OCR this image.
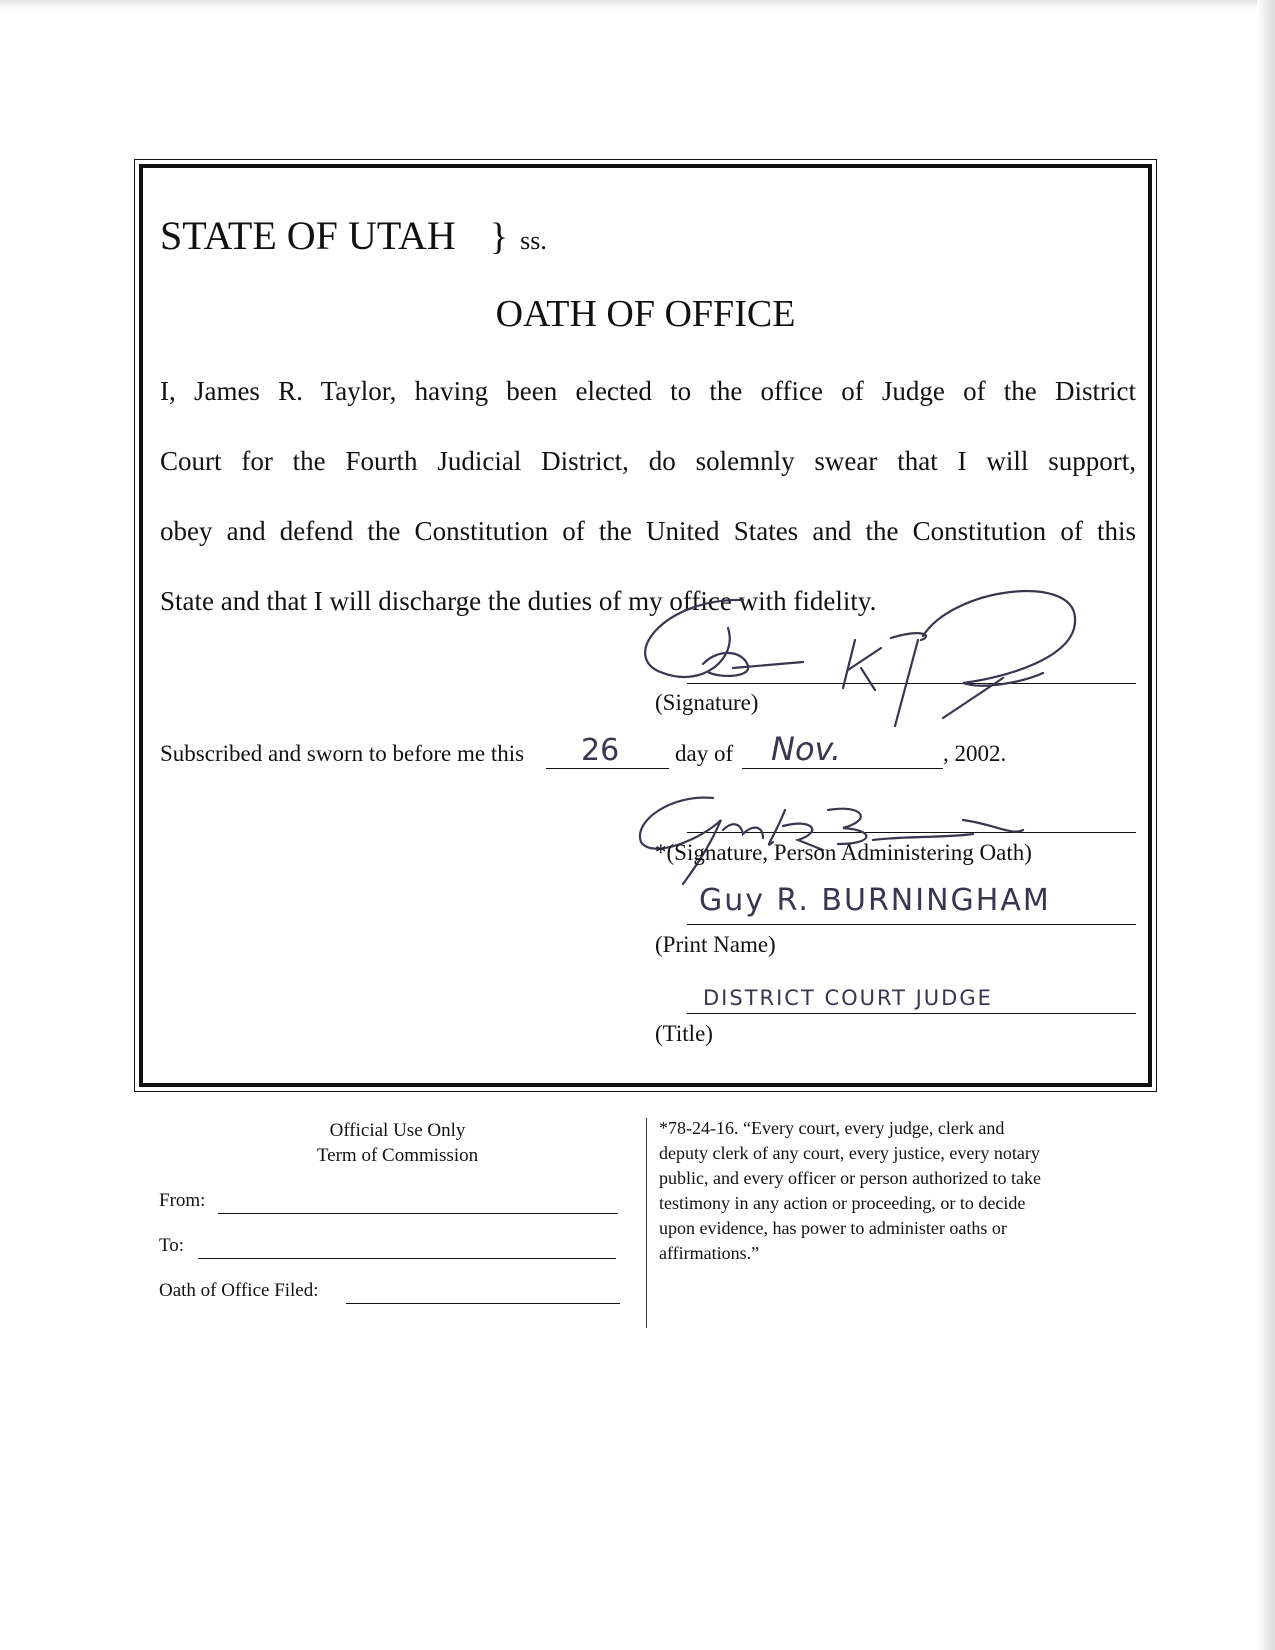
STATE OF UTAH } ss.
OATH OF OFFICE
I, James R. Taylor, having been elected to the office of Judge of the District
Court for the Fourth Judicial District, do solemnly swear that I will support,
obey and defend the Constitution of the United States and the Constitution of this
State and that I will discharge the duties of my office with fidelity.
(Signature)
Subscribed and sworn to before me this 26 day of Nov.	, 2002.
*(Signature, Person Administering Oath)
Guy R. BURNINGHAM
(Print Name)
DISTRICT COURT JUDGE
(Title)
Official Use Only
Term of Commission
From:
To:
Oath of Office Filed:
*78-24-16. “Every court, every judge, clerk and
deputy clerk of any court, every justice, every notary
public, and every officer or person authorized to take
testimony in any action or proceeding, or to decide
upon evidence, has power to administer oaths or
affirmations.”
